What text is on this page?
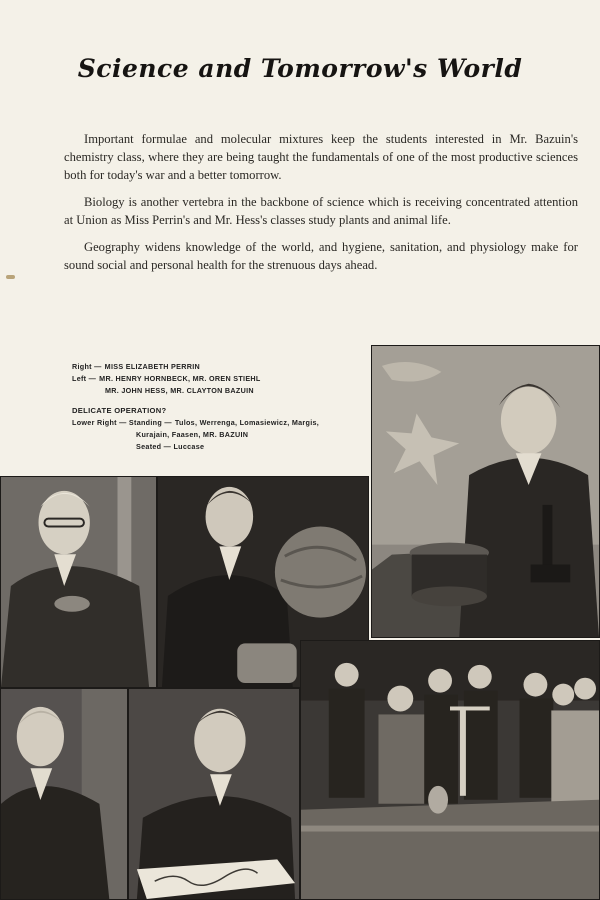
Science and Tomorrow's World

Important formulae and molecular mixtures keep the students interested in Mr. Bazuin's chemistry class, where they are being taught the fundamentals of one of the most productive sciences both for today's war and a better tomorrow.

Biology is another vertebra in the backbone of science which is receiving concentrated attention at Union as Miss Perrin's and Mr. Hess's classes study plants and animal life.

Geography widens knowledge of the world, and hygiene, sanitation, and physiology make for sound social and personal health for the strenuous days ahead.

Right — MISS ELIZABETH PERRIN
Left — MR. HENRY HORNBECK, MR. OREN STIEHL
MR. JOHN HESS, MR. CLAYTON BAZUIN
DELICATE OPERATION?
Lower Right — Standing — Tulos, Werrenga, Lomasiewicz, Margis,
Kurajain, Faasen, MR. BAZUIN
Seated — Luccase
